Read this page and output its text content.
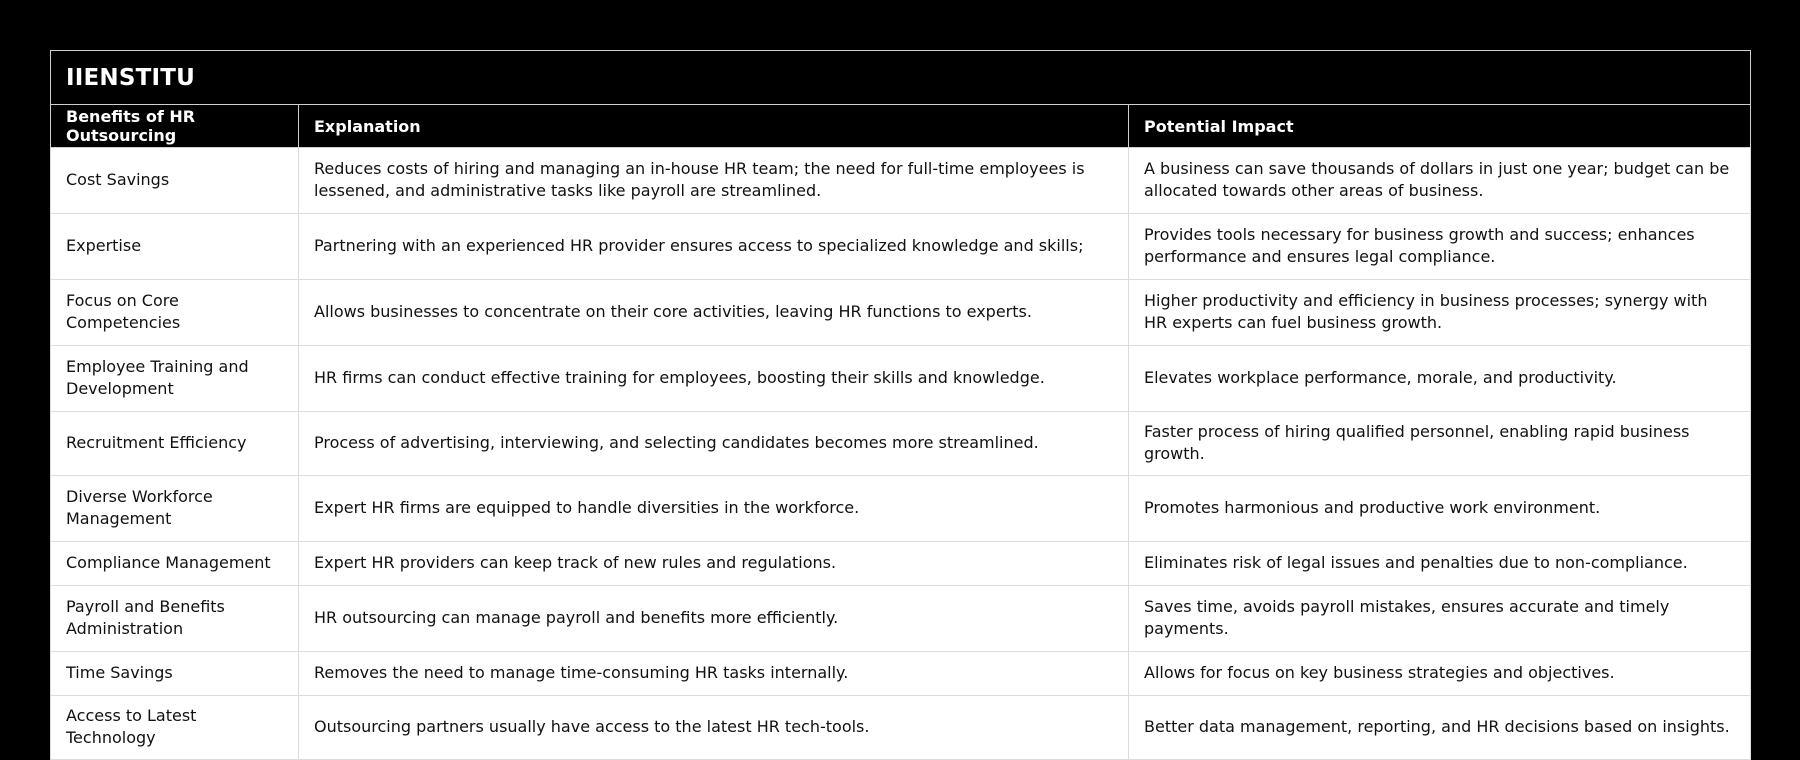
IIENSTITU		
Benefits of HR Outsourcing	Explanation	Potential Impact
Cost Savings	Reduces costs of hiring and managing an in-house HR team; the need for full-time employees is lessened, and administrative tasks like payroll are streamlined.	A business can save thousands of dollars in just one year; budget can be allocated towards other areas of business.
Expertise	Partnering with an experienced HR provider ensures access to specialized knowledge and skills;	Provides tools necessary for business growth and success; enhances performance and ensures legal compliance.
Focus on Core Competencies	Allows businesses to concentrate on their core activities, leaving HR functions to experts.	Higher productivity and efficiency in business processes; synergy with HR experts can fuel business growth.
Employee Training and Development	HR firms can conduct effective training for employees, boosting their skills and knowledge.	Elevates workplace performance, morale, and productivity.
Recruitment Efficiency	Process of advertising, interviewing, and selecting candidates becomes more streamlined.	Faster process of hiring qualified personnel, enabling rapid business growth.
Diverse Workforce Management	Expert HR firms are equipped to handle diversities in the workforce.	Promotes harmonious and productive work environment.
Compliance Management	Expert HR providers can keep track of new rules and regulations.	Eliminates risk of legal issues and penalties due to non-compliance.
Payroll and Benefits Administration	HR outsourcing can manage payroll and benefits more efficiently.	Saves time, avoids payroll mistakes, ensures accurate and timely payments.
Time Savings	Removes the need to manage time-consuming HR tasks internally.	Allows for focus on key business strategies and objectives.
Access to Latest Technology	Outsourcing partners usually have access to the latest HR tech-tools.	Better data management, reporting, and HR decisions based on insights.
